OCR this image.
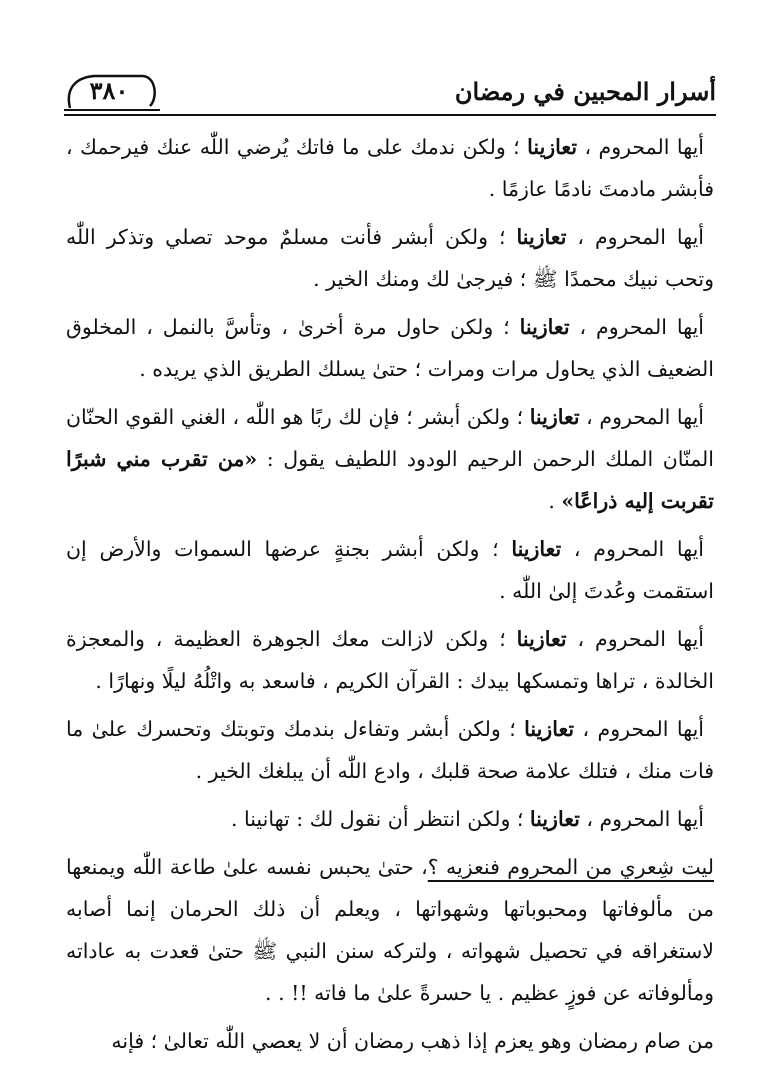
٣٨٠	أسرار المحبين في رمضان

أيها المحروم ، تعازينا ؛ ولكن ندمك على ما فاتك يُرضي اللّٰه عنك فيرحمك ، فأبشر مادمتَ نادمًا عازمًا .

أيها المحروم ، تعازينا ؛ ولكن أبشر فأنت مسلمٌ موحد تصلي وتذكر اللّٰه وتحب نبيك محمدًا ﷺ ؛ فيرجىٰ لك ومنك الخير .

أيها المحروم ، تعازينا ؛ ولكن حاول مرة أخرىٰ ، وتأسَّ بالنمل ، المخلوق الضعيف الذي يحاول مرات ومرات ؛ حتىٰ يسلك الطريق الذي يريده .

أيها المحروم ، تعازينا ؛ ولكن أبشر ؛ فإن لك ربًا هو اللّٰه ، الغني القوي الحنّان المنّان الملك الرحمن الرحيم الودود اللطيف يقول : «من تقرب مني شبرًا تقربت إليه ذراعًا» .

أيها المحروم ، تعازينا ؛ ولكن أبشر بجنةٍ عرضها السموات والأرض إن استقمت وعُدتَ إلىٰ اللّٰه .

أيها المحروم ، تعازينا ؛ ولكن لازالت معك الجوهرة العظيمة ، والمعجزة الخالدة ، تراها وتمسكها بيدك : القرآن الكريم ، فاسعد به واتْلُهُ ليلًا ونهارًا .

أيها المحروم ، تعازينا ؛ ولكن أبشر وتفاءل بندمك وتوبتك وتحسرك علىٰ ما فات منك ، فتلك علامة صحة قلبك ، وادع اللّٰه أن يبلغك الخير .

أيها المحروم ، تعازينا ؛ ولكن انتظر أن نقول لك : تهانينا .

ليت شِعري من المحروم فنعزيه ؟، حتىٰ يحبس نفسه علىٰ طاعة اللّٰه ويمنعها من مألوفاتها ومحبوباتها وشهواتها ، ويعلم أن ذلك الحرمان إنما أصابه لاستغراقه في تحصيل شهواته ، ولتركه سنن النبي ﷺ حتىٰ قعدت به عاداته ومألوفاته عن فوزٍ عظيم . يا حسرةً علىٰ ما فاته !! . .

من صام رمضان وهو يعزم إذا ذهب رمضان أن لا يعصي اللّٰه تعالىٰ ؛ فإنه
